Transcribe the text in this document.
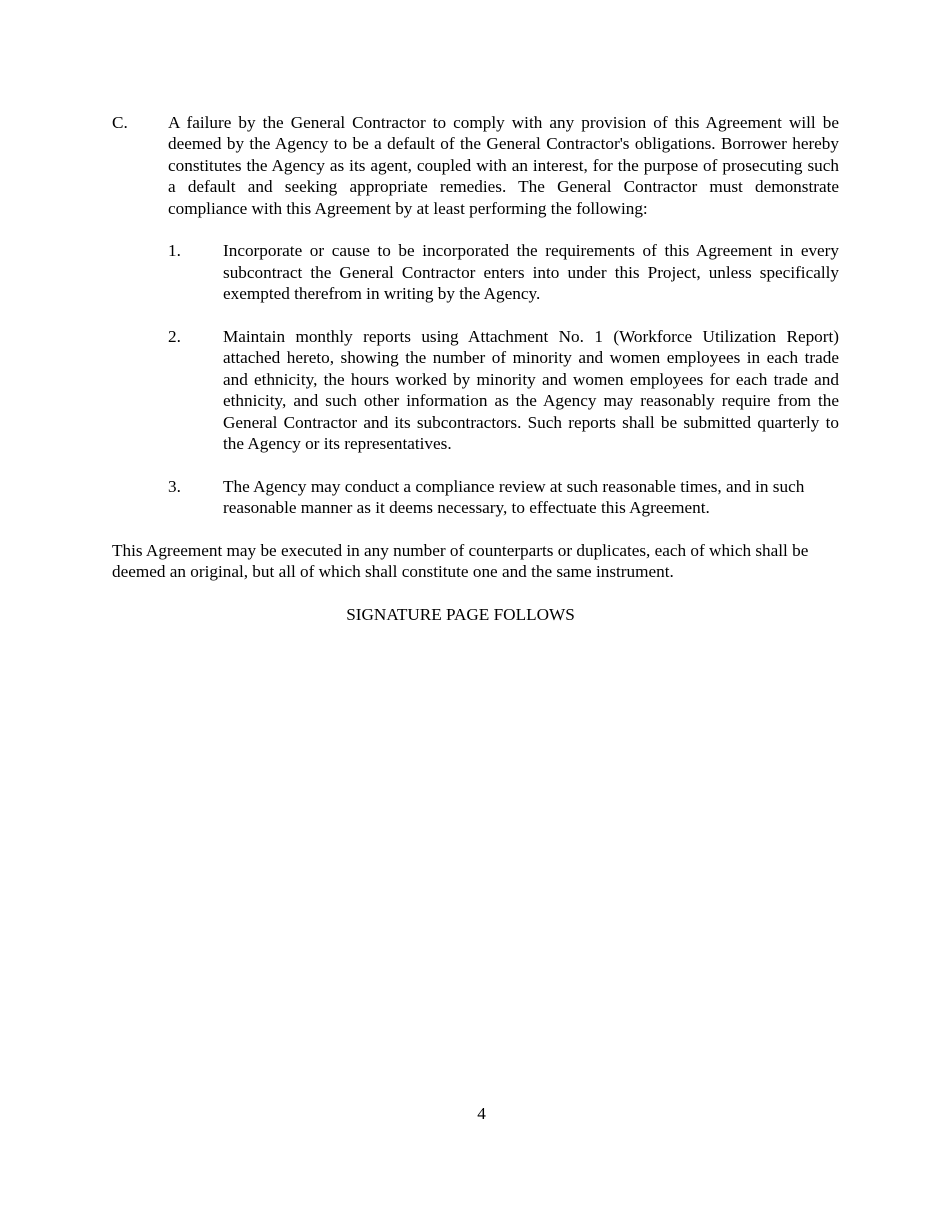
C. A failure by the General Contractor to comply with any provision of this Agreement will be deemed by the Agency to be a default of the General Contractor's obligations. Borrower hereby constitutes the Agency as its agent, coupled with an interest, for the purpose of prosecuting such a default and seeking appropriate remedies. The General Contractor must demonstrate compliance with this Agreement by at least performing the following:
1. Incorporate or cause to be incorporated the requirements of this Agreement in every subcontract the General Contractor enters into under this Project, unless specifically exempted therefrom in writing by the Agency.
2. Maintain monthly reports using Attachment No. 1 (Workforce Utilization Report) attached hereto, showing the number of minority and women employees in each trade and ethnicity, the hours worked by minority and women employees for each trade and ethnicity, and such other information as the Agency may reasonably require from the General Contractor and its subcontractors. Such reports shall be submitted quarterly to the Agency or its representatives.
3. The Agency may conduct a compliance review at such reasonable times, and in such reasonable manner as it deems necessary, to effectuate this Agreement.
This Agreement may be executed in any number of counterparts or duplicates, each of which shall be deemed an original, but all of which shall constitute one and the same instrument.
SIGNATURE PAGE FOLLOWS
4
